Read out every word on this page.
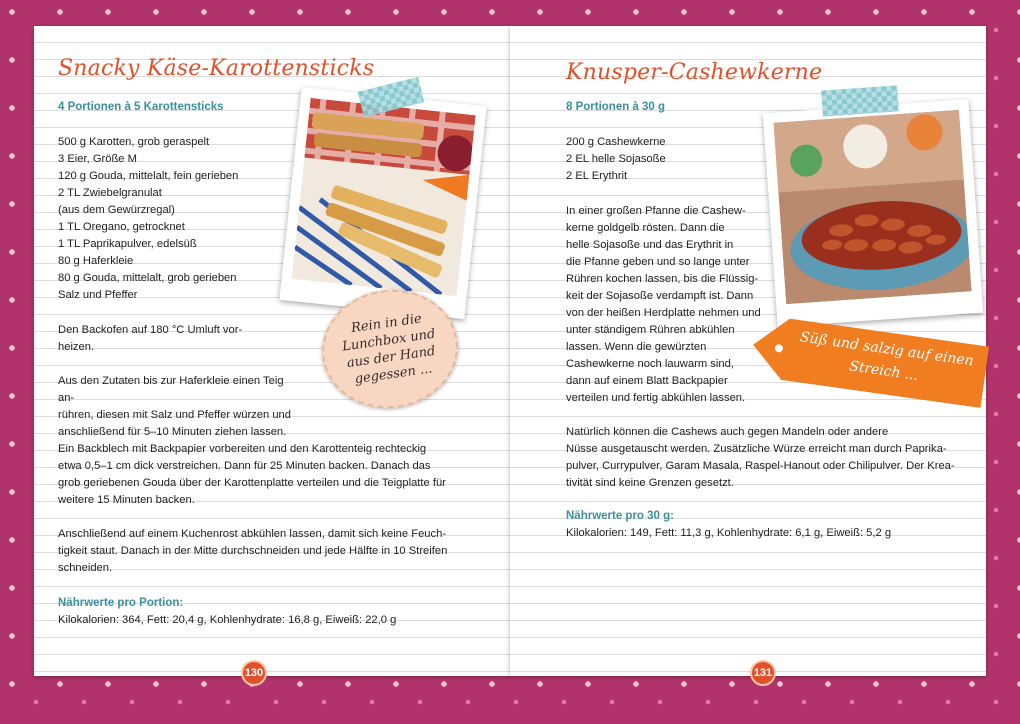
Snacky Käse-Karottensticks
4 Portionen à 5 Karottensticks

500 g Karotten, grob geraspelt

3 Eier, Größe M

120 g Gouda, mittelalt, fein gerieben

2 TL Zwiebelgranulat

(aus dem Gewürzregal)

1 TL Oregano, getrocknet

1 TL Paprikapulver, edelsüß

80 g Haferkleie

80 g Gouda, mittelalt, grob gerieben

Salz und Pfeffer

Den Backofen auf 180 °C Umluft vor-

heizen.

Aus den Zutaten bis zur Haferkleie einen Teig an-

rühren, diesen mit Salz und Pfeffer würzen und

anschließend für 5–10 Minuten ziehen lassen.

Ein Backblech mit Backpapier vorbereiten und den Karottenteig rechteckig

etwa 0,5–1 cm dick verstreichen. Dann für 25 Minuten backen. Danach das

grob geriebenen Gouda über der Karottenplatte verteilen und die Teigplatte für

weitere 15 Minuten backen.

Anschließend auf einem Kuchenrost abkühlen lassen, damit sich keine Feuch-

tigkeit staut. Danach in der Mitte durchschneiden und jede Hälfte in 10 Streifen

schneiden.

Nährwerte pro Portion:
Kilokalorien: 364, Fett: 20,4 g, Kohlenhydrate: 16,8 g, Eiweiß: 22,0 g
Rein in die Lunchbox und aus der Hand gegessen ...
130
Knusper-Cashewkerne
8 Portionen à 30 g

200 g Cashewkerne

2 EL helle Sojasoße

2 EL Erythrit

In einer großen Pfanne die Cashew-

kerne goldgelb rösten. Dann die

helle Sojasoße und das Erythrit in

die Pfanne geben und so lange unter

Rühren kochen lassen, bis die Flüssig-

keit der Sojasoße verdampft ist. Dann

von der heißen Herdplatte nehmen und

unter ständigem Rühren abkühlen

lassen. Wenn die gewürzten

Cashewkerne noch lauwarm sind,

dann auf einem Blatt Backpapier

verteilen und fertig abkühlen lassen.

Natürlich können die Cashews auch gegen Mandeln oder andere

Nüsse ausgetauscht werden. Zusätzliche Würze erreicht man durch Paprika-

pulver, Currypulver, Garam Masala, Raspel-Hanout oder Chilipulver. Der Krea-

tivität sind keine Grenzen gesetzt.

Nährwerte pro 30 g:
Kilokalorien: 149, Fett: 11,3 g, Kohlenhydrate: 6,1 g, Eiweiß: 5,2 g
Süß und salzig auf einen Streich ...
131
